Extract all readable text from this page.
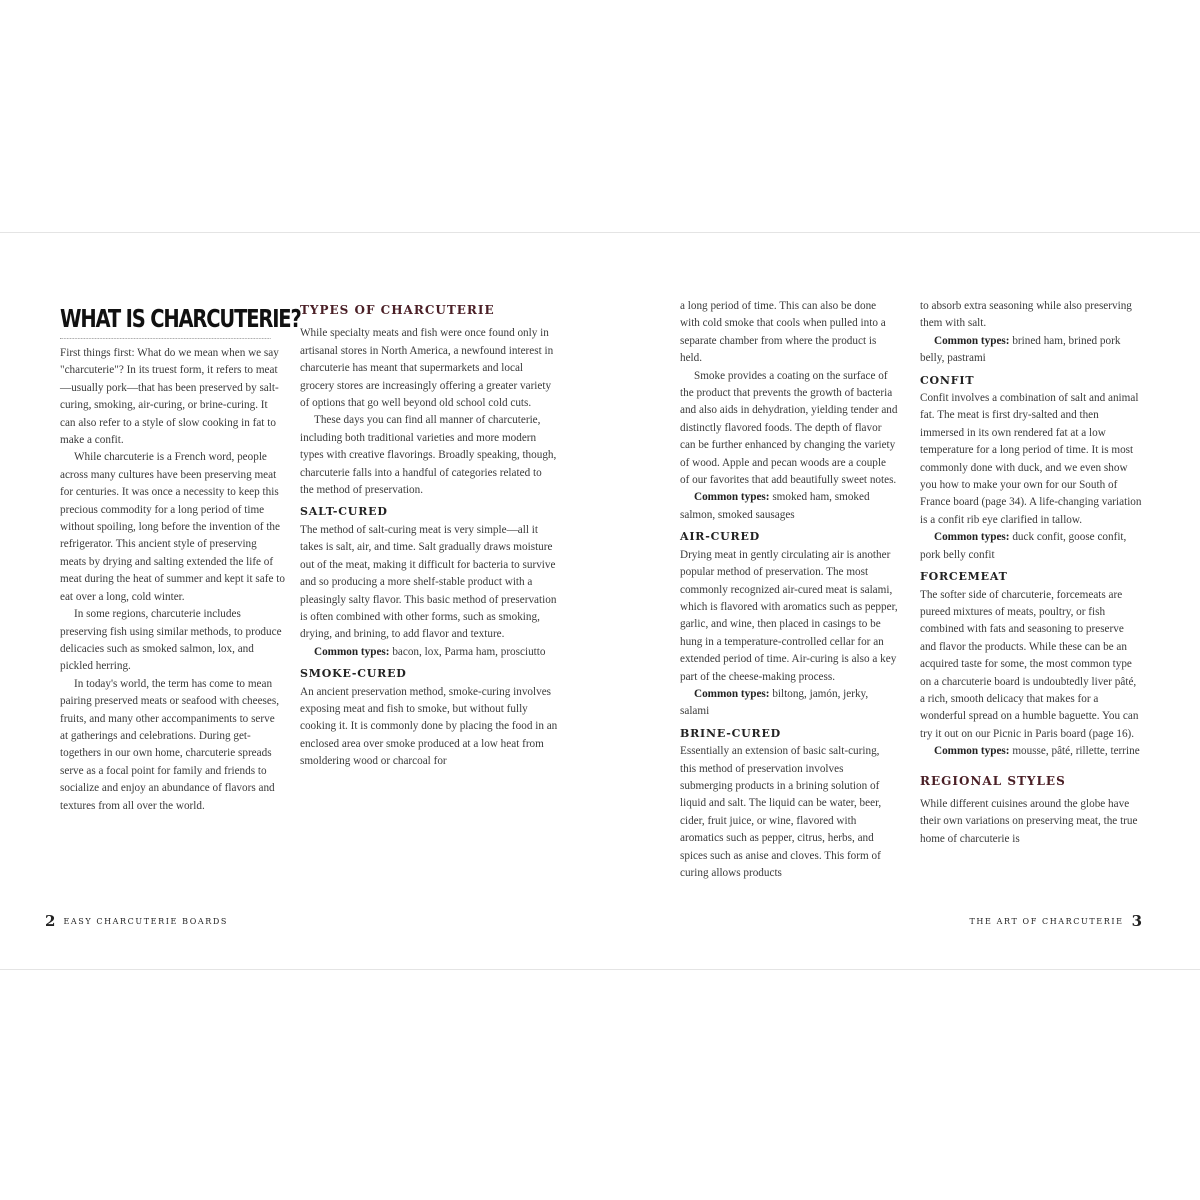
WHAT IS CHARCUTERIE?

First things first: What do we mean when we say "charcuterie"? In its truest form, it refers to meat—usually pork—that has been preserved by salt-curing, smoking, air-curing, or brine-curing. It can also refer to a style of slow cooking in fat to make a confit.

While charcuterie is a French word, people across many cultures have been preserving meat for centuries. It was once a necessity to keep this precious commodity for a long period of time without spoiling, long before the invention of the refrigerator. This ancient style of preserving meats by drying and salting extended the life of meat during the heat of summer and kept it safe to eat over a long, cold winter.

In some regions, charcuterie includes preserving fish using similar methods, to produce delicacies such as smoked salmon, lox, and pickled herring.

In today's world, the term has come to mean pairing preserved meats or seafood with cheeses, fruits, and many other accompaniments to serve at gatherings and celebrations. During get-togethers in our own home, charcuterie spreads serve as a focal point for family and friends to socialize and enjoy an abundance of flavors and textures from all over the world.

TYPES OF CHARCUTERIE

While specialty meats and fish were once found only in artisanal stores in North America, a newfound interest in charcuterie has meant that supermarkets and local grocery stores are increasingly offering a greater variety of options that go well beyond old school cold cuts.

These days you can find all manner of charcuterie, including both traditional varieties and more modern types with creative flavorings. Broadly speaking, though, charcuterie falls into a handful of categories related to the method of preservation.

SALT-CURED

The method of salt-curing meat is very simple—all it takes is salt, air, and time. Salt gradually draws moisture out of the meat, making it difficult for bacteria to survive and so producing a more shelf-stable product with a pleasingly salty flavor. This basic method of preservation is often combined with other forms, such as smoking, drying, and brining, to add flavor and texture.

Common types: bacon, lox, Parma ham, prosciutto

SMOKE-CURED

An ancient preservation method, smoke-curing involves exposing meat and fish to smoke, but without fully cooking it. It is commonly done by placing the food in an enclosed area over smoke produced at a low heat from smoldering wood or charcoal for

2 EASY CHARCUTERIE BOARDS

a long period of time. This can also be done with cold smoke that cools when pulled into a separate chamber from where the product is held.

Smoke provides a coating on the surface of the product that prevents the growth of bacteria and also aids in dehydration, yielding tender and distinctly flavored foods. The depth of flavor can be further enhanced by changing the variety of wood. Apple and pecan woods are a couple of our favorites that add beautifully sweet notes.

Common types: smoked ham, smoked salmon, smoked sausages

AIR-CURED

Drying meat in gently circulating air is another popular method of preservation. The most commonly recognized air-cured meat is salami, which is flavored with aromatics such as pepper, garlic, and wine, then placed in casings to be hung in a temperature-controlled cellar for an extended period of time. Air-curing is also a key part of the cheese-making process.

Common types: biltong, jamón, jerky, salami

BRINE-CURED

Essentially an extension of basic salt-curing, this method of preservation involves submerging products in a brining solution of liquid and salt. The liquid can be water, beer, cider, fruit juice, or wine, flavored with aromatics such as pepper, citrus, herbs, and spices such as anise and cloves. This form of curing allows products

to absorb extra seasoning while also preserving them with salt.

Common types: brined ham, brined pork belly, pastrami

CONFIT

Confit involves a combination of salt and animal fat. The meat is first dry-salted and then immersed in its own rendered fat at a low temperature for a long period of time. It is most commonly done with duck, and we even show you how to make your own for our South of France board (page 34). A life-changing variation is a confit rib eye clarified in tallow.

Common types: duck confit, goose confit, pork belly confit

FORCEMEAT

The softer side of charcuterie, forcemeats are pureed mixtures of meats, poultry, or fish combined with fats and seasoning to preserve and flavor the products. While these can be an acquired taste for some, the most common type on a charcuterie board is undoubtedly liver pâté, a rich, smooth delicacy that makes for a wonderful spread on a humble baguette. You can try it out on our Picnic in Paris board (page 16).

Common types: mousse, pâté, rillette, terrine

REGIONAL STYLES

While different cuisines around the globe have their own variations on preserving meat, the true home of charcuterie is

THE ART OF CHARCUTERIE 3
